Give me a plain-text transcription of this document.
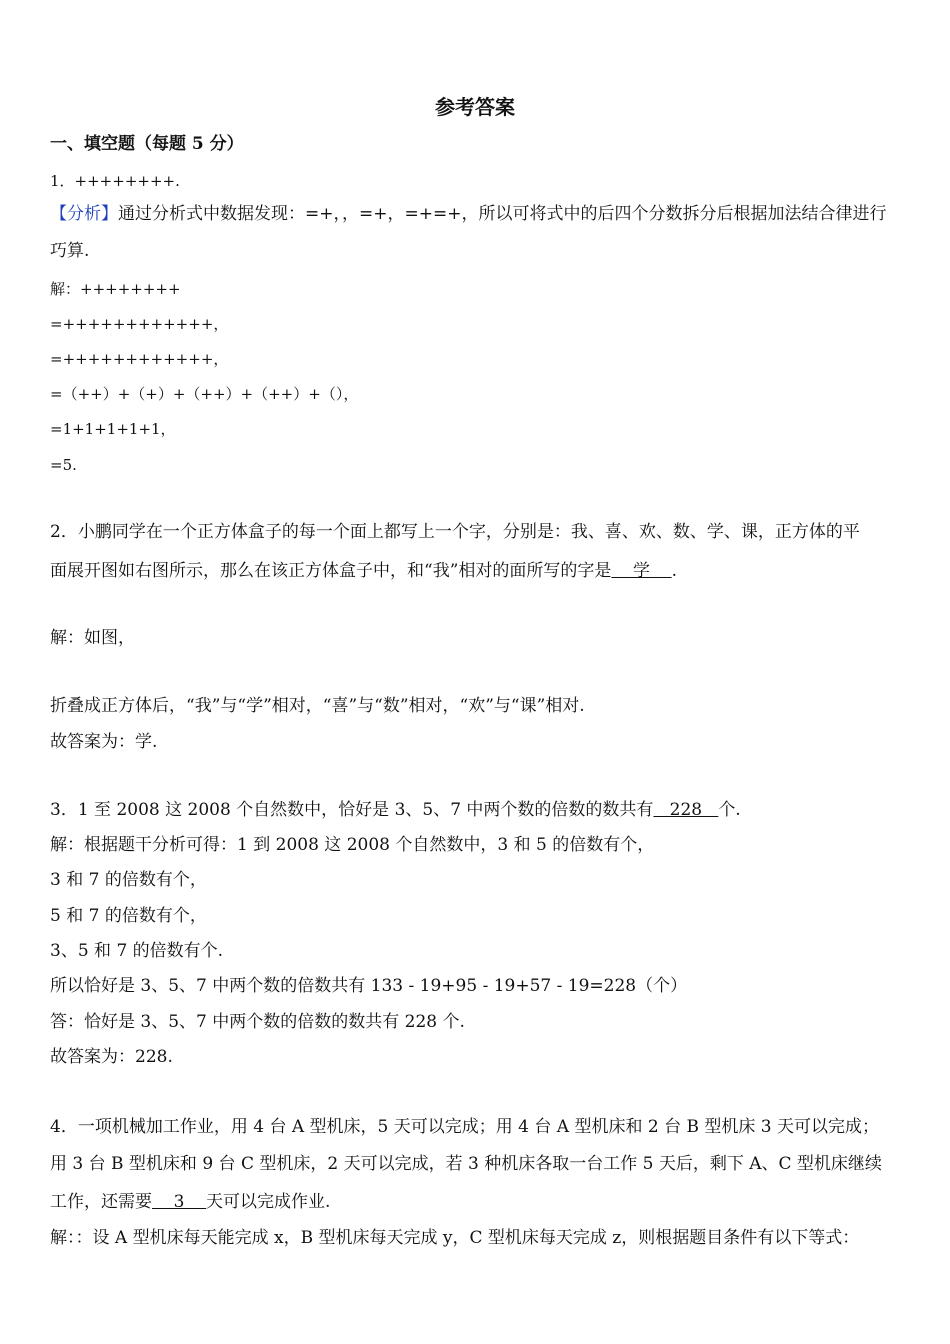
参考答案
一、填空题（每题 5 分）
1．++++++++.
【分析】通过分析式中数据发现：=+，，=+，=+=+，所以可将式中的后四个分数拆分后根据加法结合律进行
巧算.
解：++++++++
=++++++++++++，
=++++++++++++，
=（++）+（+）+（++）+（++）+（），
=1+1+1+1+1，
=5.
2．小鹏同学在一个正方体盒子的每一个面上都写上一个字，分别是：我、喜、欢、数、学、课，正方体的平
面展开图如右图所示，那么在该正方体盒子中，和“我”相对的面所写的字是    学    .
解：如图，
折叠成正方体后，“我”与“学”相对，“喜”与“数”相对，“欢”与“课”相对.
故答案为：学.
3．1 至 2008 这 2008 个自然数中，恰好是 3、5、7 中两个数的倍数的数共有   228   个.
解：根据题干分析可得：1 到 2008 这 2008 个自然数中，3 和 5 的倍数有个，
3 和 7 的倍数有个，
5 和 7 的倍数有个，
3、5 和 7 的倍数有个.
所以恰好是 3、5、7 中两个数的倍数共有 133 - 19+95 - 19+57 - 19=228（个）
答：恰好是 3、5、7 中两个数的倍数的数共有 228 个.
故答案为：228.
4．一项机械加工作业，用 4 台 A 型机床，5 天可以完成；用 4 台 A 型机床和 2 台 B 型机床 3 天可以完成；
用 3 台 B 型机床和 9 台 C 型机床，2 天可以完成，若 3 种机床各取一台工作 5 天后，剩下 A、C 型机床继续
工作，还需要    3    天可以完成作业.
解：：设 A 型机床每天能完成 x，B 型机床每天完成 y，C 型机床每天完成 z，则根据题目条件有以下等式：
